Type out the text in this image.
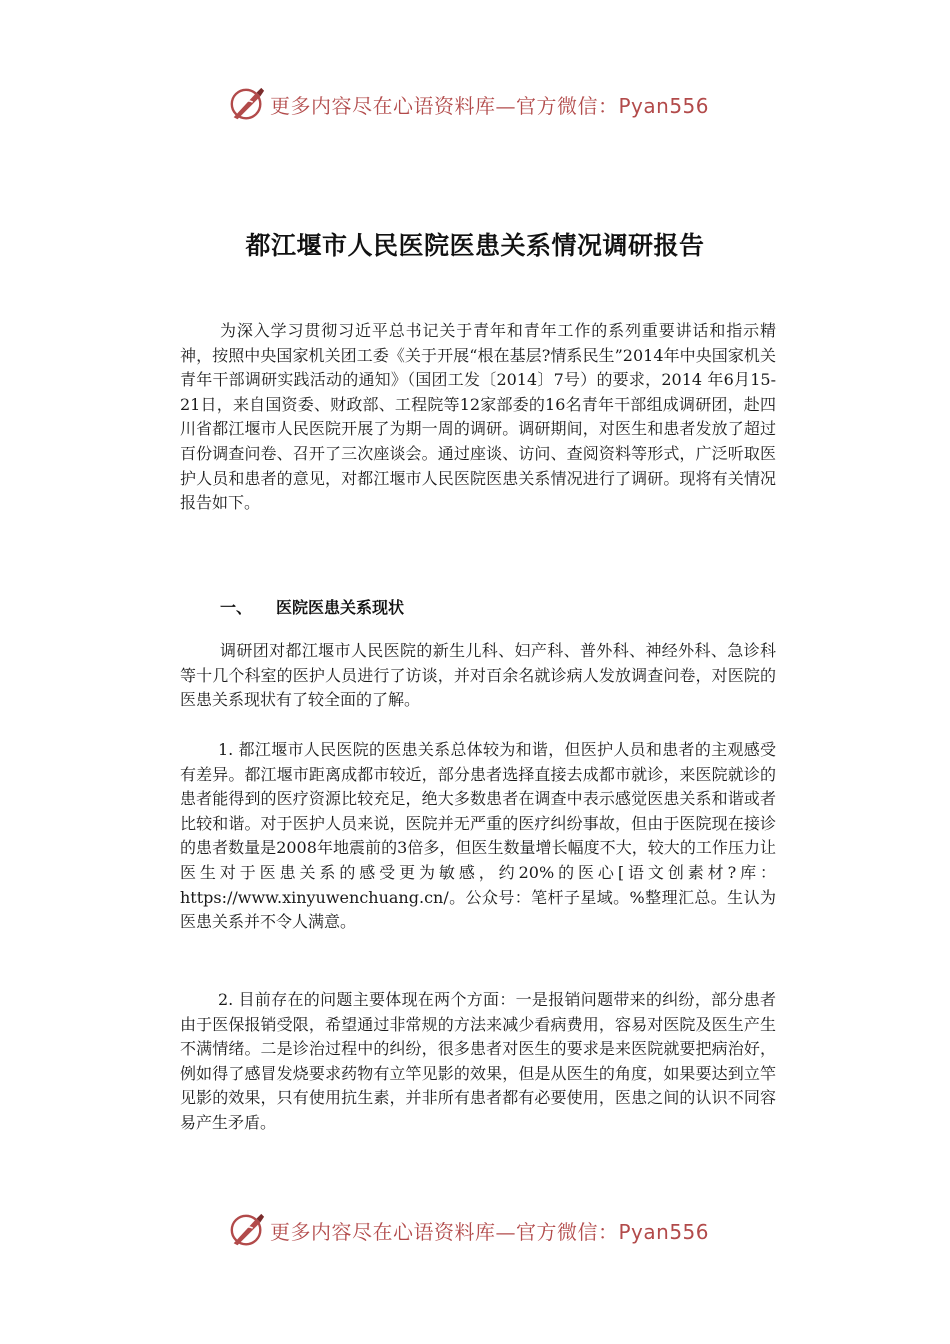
更多内容尽在心语资料库—官方微信：Pyan556
都江堰市人民医院医患关系情况调研报告

为深入学习贯彻习近平总书记关于青年和青年工作的系列重要讲话和指示精神，按照中央国家机关团工委《关于开展“根在基层?情系民生”2014年中央国家机关青年干部调研实践活动的通知》（国团工发〔2014〕7号）的要求，2014 年6月15-21日，来自国资委、财政部、工程院等12家部委的16名青年干部组成调研团，赴四川省都江堰市人民医院开展了为期一周的调研。调研期间，对医生和患者发放了超过百份调查问卷、召开了三次座谈会。通过座谈、访问、查阅资料等形式，广泛听取医护人员和患者的意见，对都江堰市人民医院医患关系情况进行了调研。现将有关情况报告如下。

一、 医院医患关系现状

调研团对都江堰市人民医院的新生儿科、妇产科、普外科、神经外科、急诊科等十几个科室的医护人员进行了访谈，并对百余名就诊病人发放调查问卷，对医院的医患关系现状有了较全面的了解。

1. 都江堰市人民医院的医患关系总体较为和谐，但医护人员和患者的主观感受有差异。都江堰市距离成都市较近，部分患者选择直接去成都市就诊，来医院就诊的患者能得到的医疗资源比较充足，绝大多数患者在调查中表示感觉医患关系和谐或者比较和谐。对于医护人员来说，医院并无严重的医疗纠纷事故，但由于医院现在接诊的患者数量是2008年地震前的3倍多，但医生数量增长幅度不大，较大的工作压力让医生对于医患关系的感受更为敏感，约20%的医心[语文创素材?库：https://www.xinyuwenchuang.cn/。公众号：笔杆子星域。%整理汇总。生认为医患关系并不令人满意。

2. 目前存在的问题主要体现在两个方面：一是报销问题带来的纠纷，部分患者由于医保报销受限，希望通过非常规的方法来减少看病费用，容易对医院及医生产生不满情绪。二是诊治过程中的纠纷，很多患者对医生的要求是来医院就要把病治好，例如得了感冒发烧要求药物有立竿见影的效果，但是从医生的角度，如果要达到立竿见影的效果，只有使用抗生素，并非所有患者都有必要使用，医患之间的认识不同容易产生矛盾。

更多内容尽在心语资料库—官方微信：Pyan556
